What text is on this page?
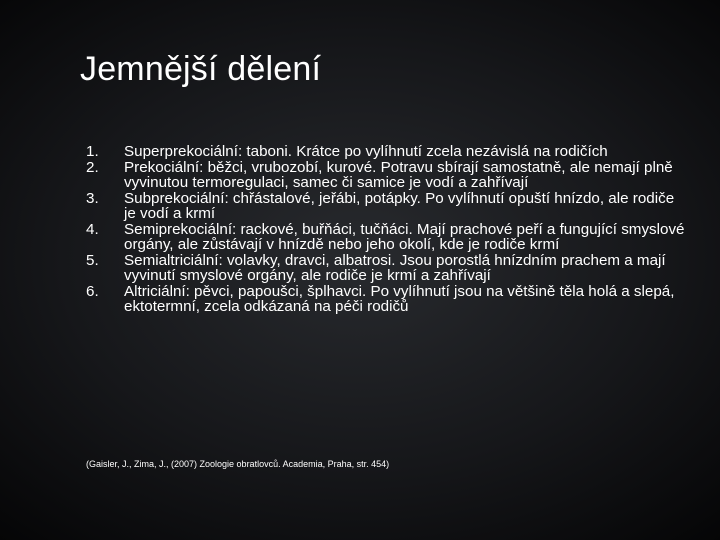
Jemnější dělení
1.	Superprekociální: taboni. Krátce po vylíhnutí zcela nezávislá na rodičích
2.	Prekociální: běžci, vrubozobí, kurové. Potravu sbírají samostatně, ale nemají plně vyvinutou termoregulaci, samec či samice je vodí a zahřívají
3.	Subprekociální: chřástalové, jeřábi, potápky. Po vylíhnutí opuští hnízdo, ale rodiče je vodí a krmí
4.	Semiprekociální: rackové, buřňáci, tučňáci. Mají prachové peří a fungující smyslové orgány, ale zůstávají v hnízdě nebo jeho okolí, kde je rodiče krmí
5.	Semialtriciální: volavky, dravci, albatrosi. Jsou porostlá hnízdním prachem a mají vyvinutí smyslové orgány, ale rodiče je krmí a zahřívají
6.	Altriciální: pěvci, papoušci, šplhavci. Po vylíhnutí jsou na většině těla holá a slepá, ektotermní, zcela odkázaná na péči rodičů
(Gaisler, J., Zima, J., (2007) Zoologie obratlovců. Academia, Praha, str. 454)
